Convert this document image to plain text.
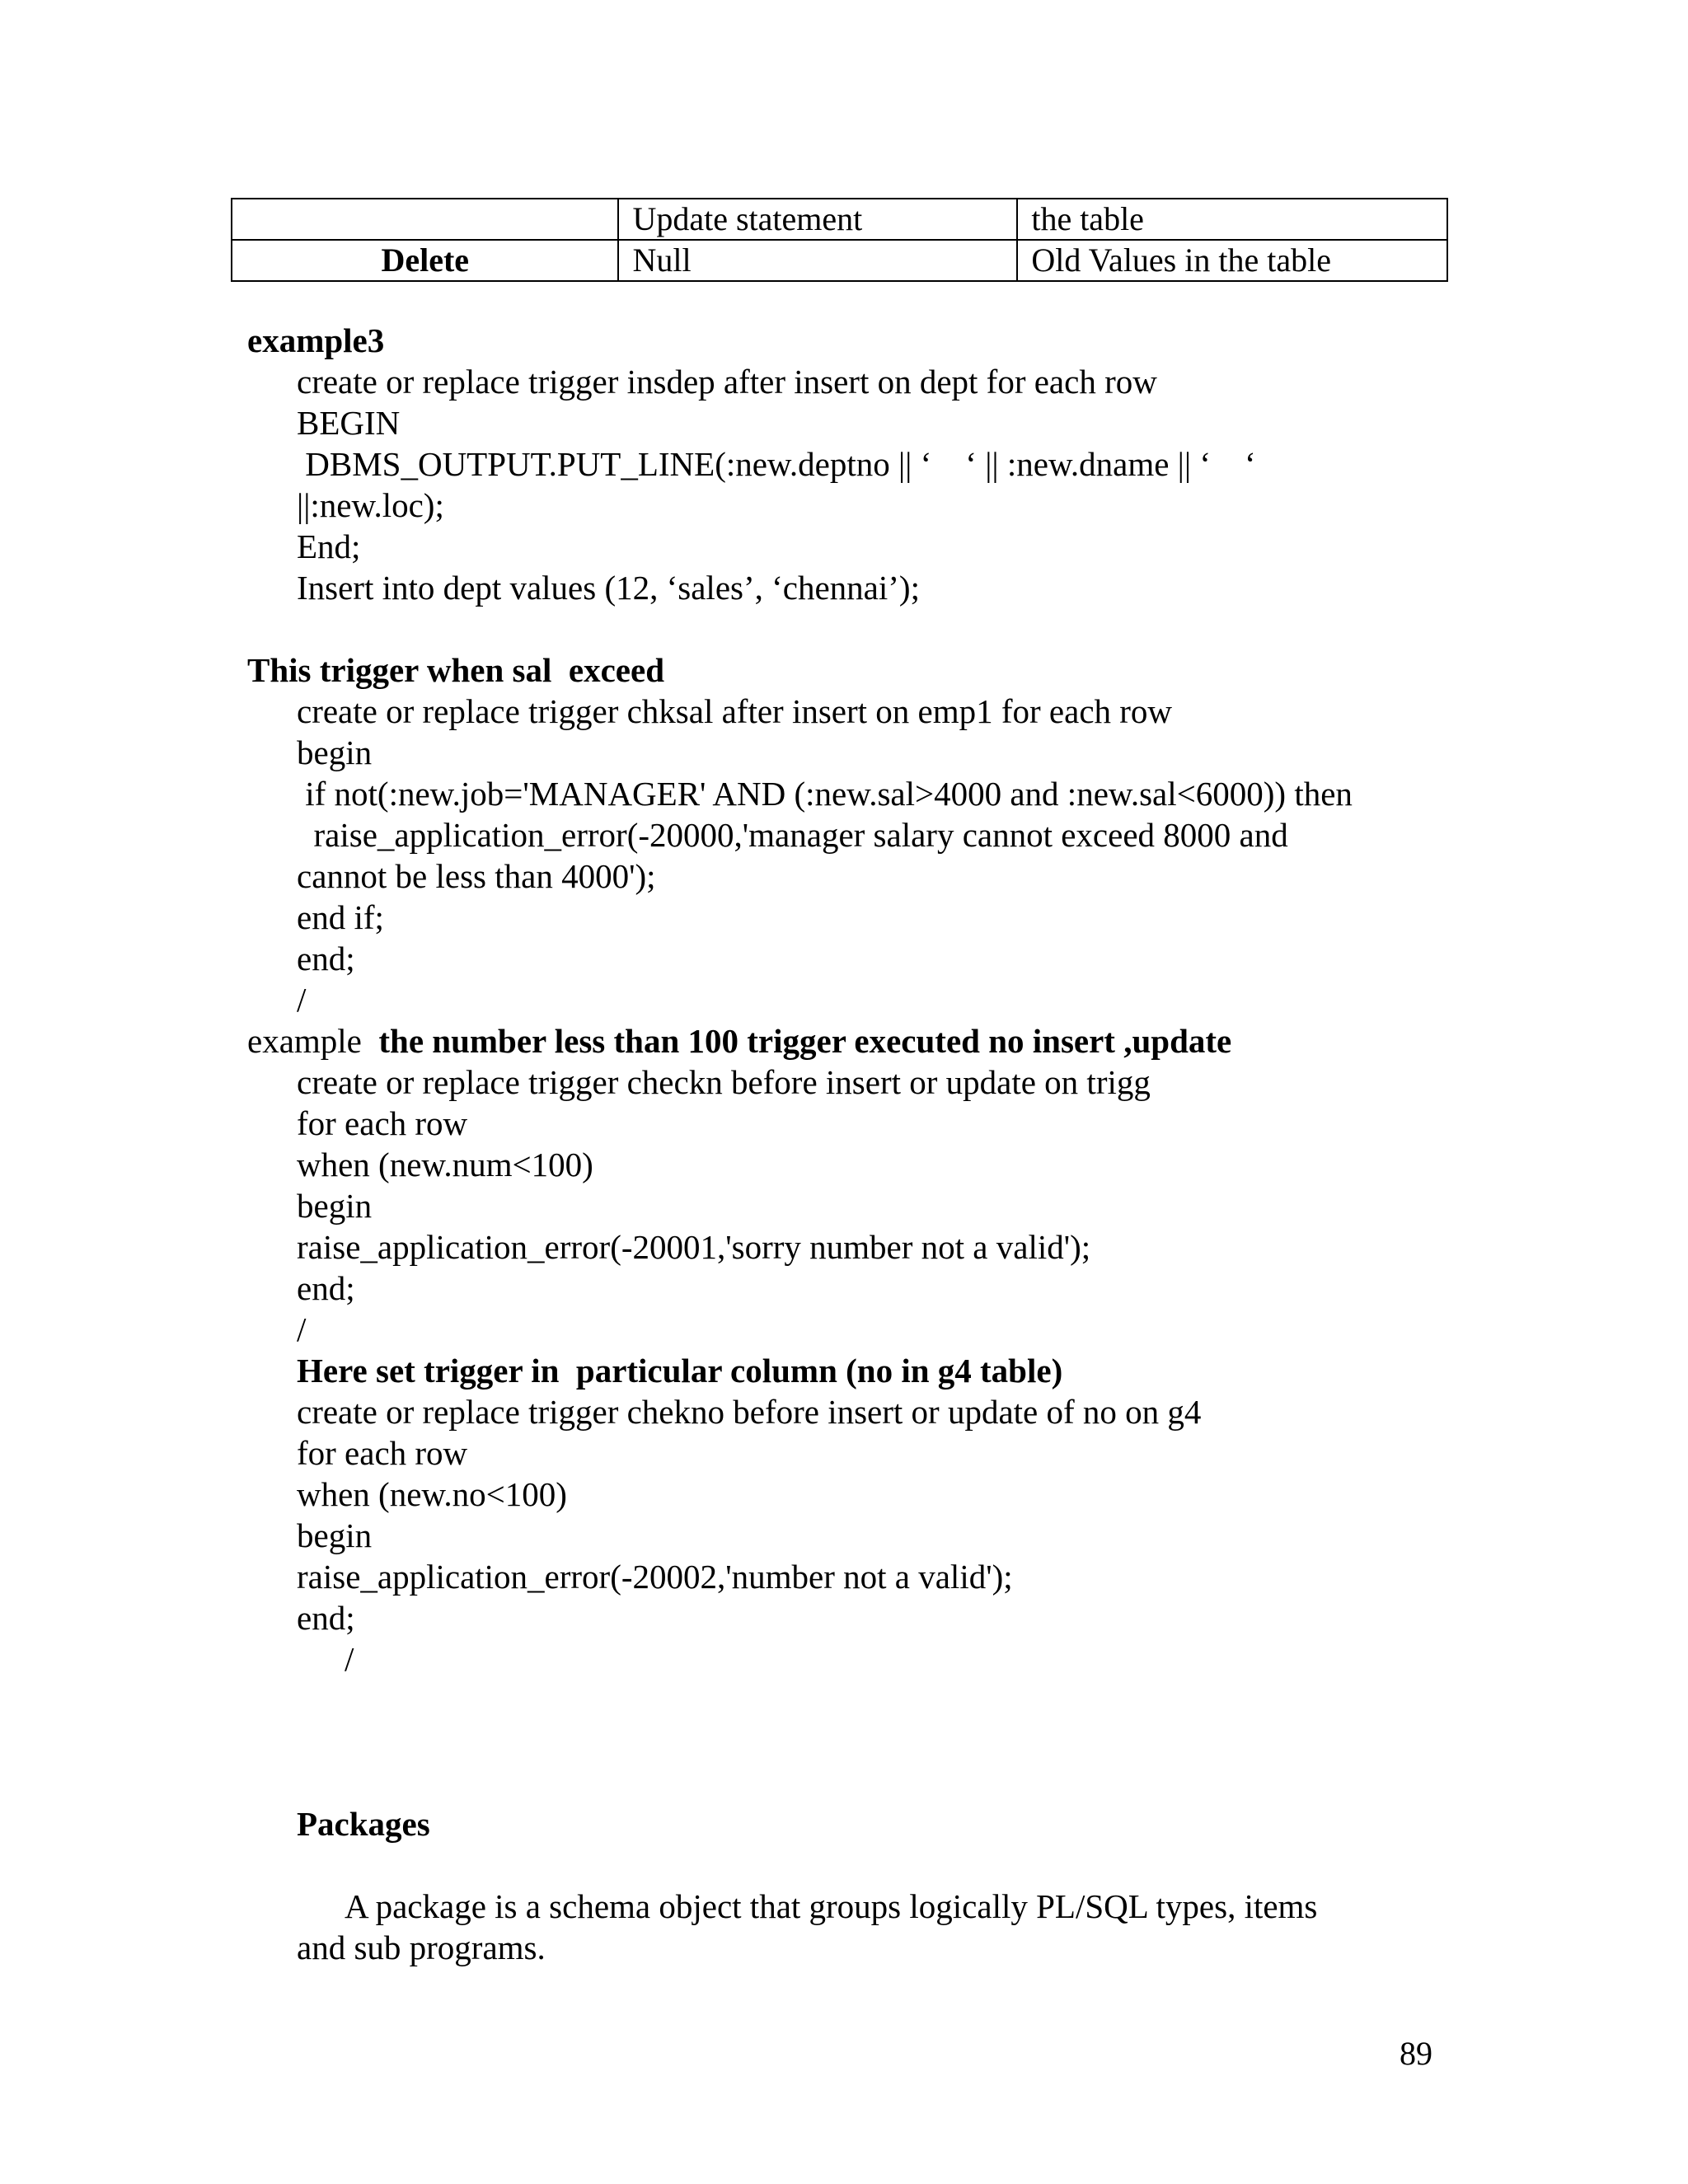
	Update statement	the table
Delete	Null	Old Values in the table
example3
create or replace trigger insdep after insert on dept for each row
BEGIN
DBMS_OUTPUT.PUT_LINE(:new.deptno || ‘    ‘ || :new.dname || ‘    ‘
||:new.loc);
End;
Insert into dept values (12, ‘sales’, ‘chennai’);
This trigger when sal  exceed
create or replace trigger chksal after insert on emp1 for each row
begin
if not(:new.job='MANAGER' AND (:new.sal>4000 and :new.sal<6000)) then
raise_application_error(-20000,'manager salary cannot exceed 8000 and
cannot be less than 4000');
end if;
end;
/
example  the number less than 100 trigger executed no insert ,update
create or replace trigger checkn before insert or update on trigg
for each row
when (new.num<100)
begin
raise_application_error(-20001,'sorry number not a valid');
end;
/
Here set trigger in  particular column (no in g4 table)
create or replace trigger chekno before insert or update of no on g4
for each row
when (new.no<100)
begin
raise_application_error(-20002,'number not a valid');
end;
/
Packages
A package is a schema object that groups logically PL/SQL types, items
and sub programs.
89
